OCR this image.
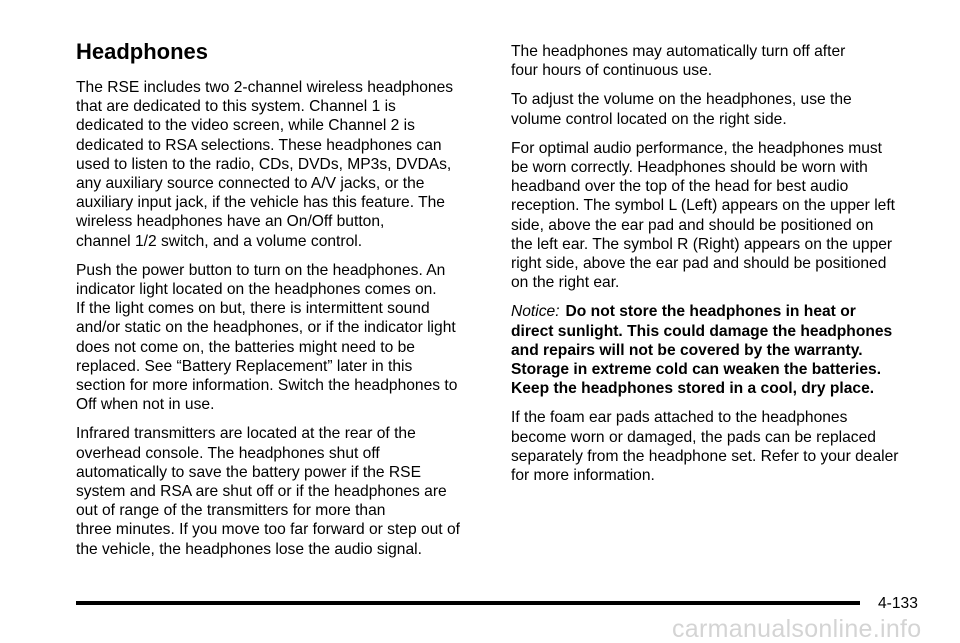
Headphones

The RSE includes two 2-channel wireless headphones
that are dedicated to this system. Channel 1 is
dedicated to the video screen, while Channel 2 is
dedicated to RSA selections. These headphones can
used to listen to the radio, CDs, DVDs, MP3s, DVDAs,
any auxiliary source connected to A/V jacks, or the
auxiliary input jack, if the vehicle has this feature. The
wireless headphones have an On/Off button,
channel 1/2 switch, and a volume control.

Push the power button to turn on the headphones. An
indicator light located on the headphones comes on.
If the light comes on but, there is intermittent sound
and/or static on the headphones, or if the indicator light
does not come on, the batteries might need to be
replaced. See “Battery Replacement” later in this
section for more information. Switch the headphones to
Off when not in use.

Infrared transmitters are located at the rear of the
overhead console. The headphones shut off
automatically to save the battery power if the RSE
system and RSA are shut off or if the headphones are
out of range of the transmitters for more than
three minutes. If you move too far forward or step out of
the vehicle, the headphones lose the audio signal.

The headphones may automatically turn off after
four hours of continuous use.

To adjust the volume on the headphones, use the
volume control located on the right side.

For optimal audio performance, the headphones must
be worn correctly. Headphones should be worn with
headband over the top of the head for best audio
reception. The symbol L (Left) appears on the upper left
side, above the ear pad and should be positioned on
the left ear. The symbol R (Right) appears on the upper
right side, above the ear pad and should be positioned
on the right ear.

Notice: Do not store the headphones in heat or
direct sunlight. This could damage the headphones
and repairs will not be covered by the warranty.
Storage in extreme cold can weaken the batteries.
Keep the headphones stored in a cool, dry place.

If the foam ear pads attached to the headphones
become worn or damaged, the pads can be replaced
separately from the headphone set. Refer to your dealer
for more information.

4-133
carmanualsonline.info
